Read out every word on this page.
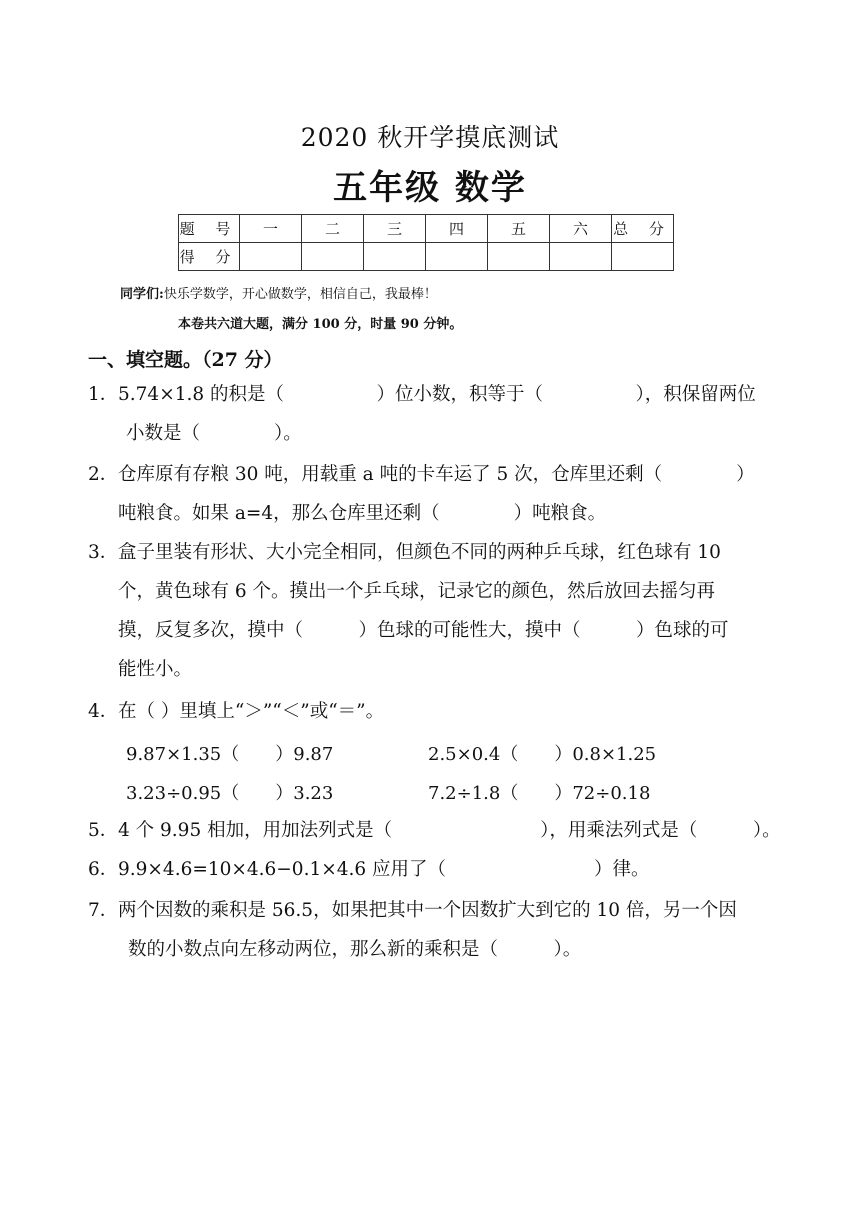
2020 秋开学摸底测试
五年级 数学
题 号	一	二	三	四	五	六	总 分
得 分							
同学们:快乐学数学，开心做数学，相信自己，我最棒！
本卷共六道大题，满分 100 分，时量 90 分钟。
一、填空题。（27 分）
1．5.74×1.8 的积是（　　　　　）位小数，积等于（　　　　　），积保留两位
小数是（　　　　）。
2．仓库原有存粮 30 吨，用载重 a 吨的卡车运了 5 次，仓库里还剩（　　　　）
吨粮食。如果 a=4，那么仓库里还剩（　　　　）吨粮食。
3．盒子里装有形状、大小完全相同，但颜色不同的两种乒乓球，红色球有 10
个，黄色球有 6 个。摸出一个乒乓球，记录它的颜色，然后放回去摇匀再
摸，反复多次，摸中（　　　）色球的可能性大，摸中（　　　）色球的可
能性小。
4．在（ ）里填上“＞”“＜”或“＝”。
9.87×1.35（　　）9.87	2.5×0.4（　　）0.8×1.25
3.23÷0.95（　　）3.23	7.2÷1.8（　　）72÷0.18
5．4 个 9.95 相加，用加法列式是（　　　　　　　　），用乘法列式是（　　　）。
6．9.9×4.6=10×4.6−0.1×4.6 应用了（　　　　　　　　）律。
7．两个因数的乘积是 56.5，如果把其中一个因数扩大到它的 10 倍，另一个因
数的小数点向左移动两位，那么新的乘积是（　　　）。
